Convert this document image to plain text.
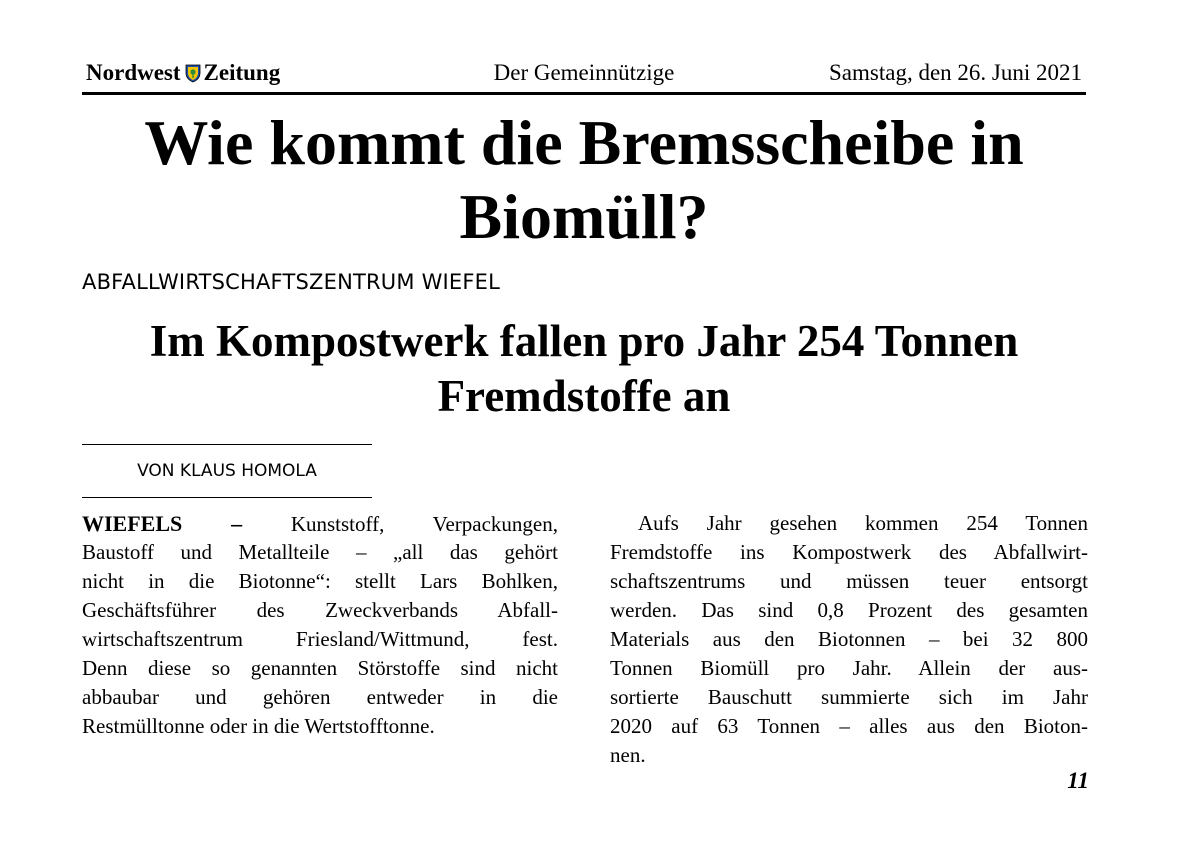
Nordwest Zeitung	Der Gemeinnützige	Samstag, den 26. Juni 2021
Wie kommt die Bremsscheibe in
Biomüll?
ABFALLWIRTSCHAFTSZENTRUM WIEFEL
Im Kompostwerk fallen pro Jahr 254 Tonnen
Fremdstoffe an
VON KLAUS HOMOLA
WIEFELS – Kunststoff, Verpackungen,
Baustoff und Metallteile – „all das gehört
nicht in die Biotonne“: stellt Lars Bohlken,
Geschäftsführer des Zweckverbands Abfall-
wirtschaftszentrum Friesland/Wittmund, fest.
Denn diese so genannten Störstoffe sind nicht
abbaubar und gehören entweder in die
Restmülltonne oder in die Wertstofftonne.
Aufs Jahr gesehen kommen 254 Tonnen
Fremdstoffe ins Kompostwerk des Abfallwirt-
schaftszentrums und müssen teuer entsorgt
werden. Das sind 0,8 Prozent des gesamten
Materials aus den Biotonnen – bei 32 800
Tonnen Biomüll pro Jahr. Allein der aus-
sortierte Bauschutt summierte sich im Jahr
2020 auf 63 Tonnen – alles aus den Bioton-
nen.
11
